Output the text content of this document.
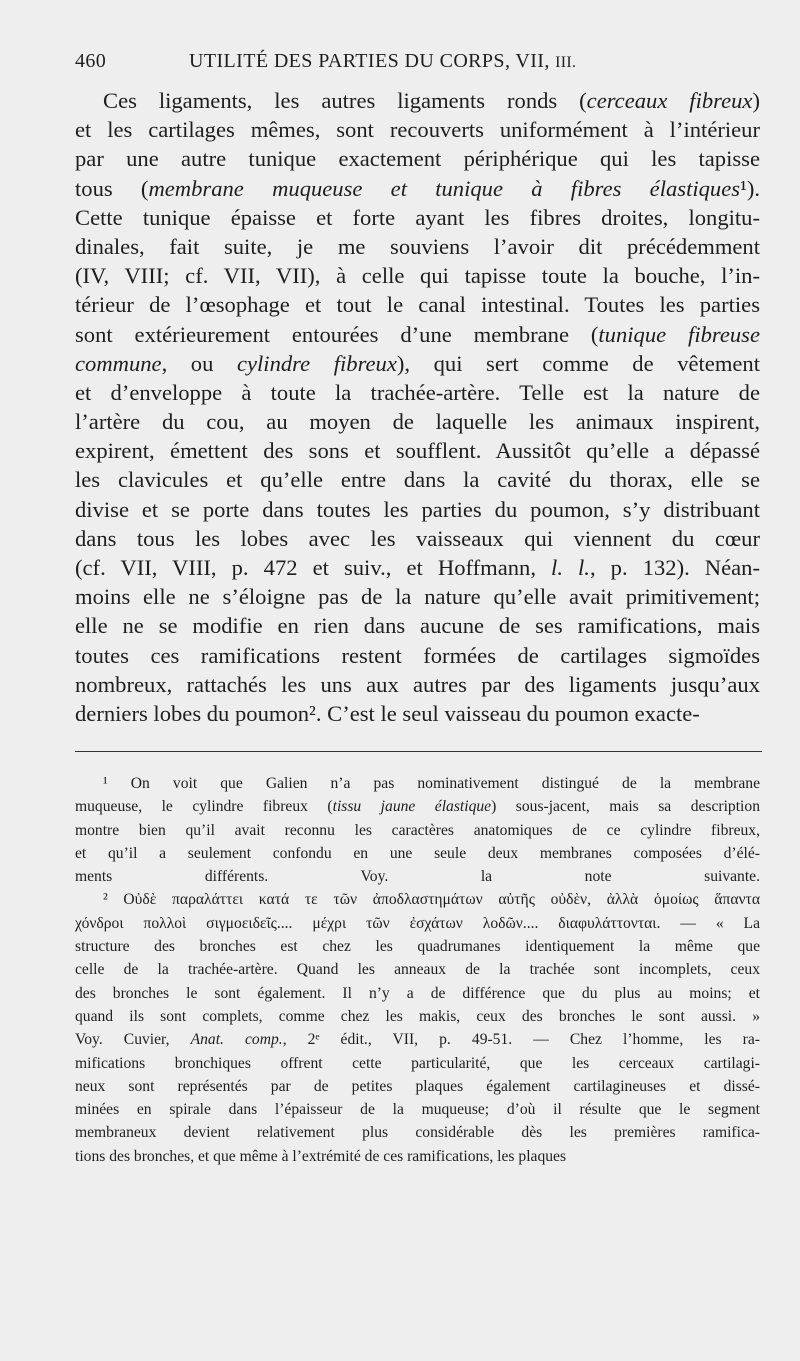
460	UTILITÉ DES PARTIES DU CORPS, VII, III.
Ces ligaments, les autres ligaments ronds (cerceaux fibreux)
et les cartilages mêmes, sont recouverts uniformément à l’intérieur
par une autre tunique exactement périphérique qui les tapisse
tous (membrane muqueuse et tunique à fibres élastiques¹).
Cette tunique épaisse et forte ayant les fibres droites, longitu-
dinales, fait suite, je me souviens l’avoir dit précédemment
(IV, VIII; cf. VII, VII), à celle qui tapisse toute la bouche, l’in-
térieur de l’œsophage et tout le canal intestinal. Toutes les parties
sont extérieurement entourées d’une membrane (tunique fibreuse
commune, ou cylindre fibreux), qui sert comme de vêtement
et d’enveloppe à toute la trachée-artère. Telle est la nature de
l’artère du cou, au moyen de laquelle les animaux inspirent,
expirent, émettent des sons et soufflent. Aussitôt qu’elle a dépassé
les clavicules et qu’elle entre dans la cavité du thorax, elle se
divise et se porte dans toutes les parties du poumon, s’y distribuant
dans tous les lobes avec les vaisseaux qui viennent du cœur
(cf. VII, VIII, p. 472 et suiv., et Hoffmann, l. l., p. 132). Néan-
moins elle ne s’éloigne pas de la nature qu’elle avait primitivement;
elle ne se modifie en rien dans aucune de ses ramifications, mais
toutes ces ramifications restent formées de cartilages sigmoïdes
nombreux, rattachés les uns aux autres par des ligaments jusqu’aux
derniers lobes du poumon². C’est le seul vaisseau du poumon exacte-
¹ On voit que Galien n’a pas nominativement distingué de la membrane
muqueuse, le cylindre fibreux (tissu jaune élastique) sous-jacent, mais sa description
montre bien qu’il avait reconnu les caractères anatomiques de ce cylindre fibreux,
et qu’il a seulement confondu en une seule deux membranes composées d’élé-
ments différents. Voy. la note suivante.
² Οὐδὲ παραλάττει κατά τε τῶν ἀποδλαστημάτων αὐτῆς οὐδὲν, ἀλλὰ ὁμοίως ἅπαντα
χόνδροι πολλοὶ σιγμοειδεῖς.... μέχρι τῶν ἐσχάτων λοδῶν.... διαφυλάττονται. — « La
structure des bronches est chez les quadrumanes identiquement la même que
celle de la trachée-artère. Quand les anneaux de la trachée sont incomplets, ceux
des bronches le sont également. Il n’y a de différence que du plus au moins; et
quand ils sont complets, comme chez les makis, ceux des bronches le sont aussi. »
Voy. Cuvier, Anat. comp., 2ᵉ édit., VII, p. 49-51. — Chez l’homme, les ra-
mifications bronchiques offrent cette particularité, que les cerceaux cartilagi-
neux sont représentés par de petites plaques également cartilagineuses et dissé-
minées en spirale dans l’épaisseur de la muqueuse; d’où il résulte que le segment
membraneux devient relativement plus considérable dès les premières ramifica-
tions des bronches, et que même à l’extrémité de ces ramifications, les plaques
